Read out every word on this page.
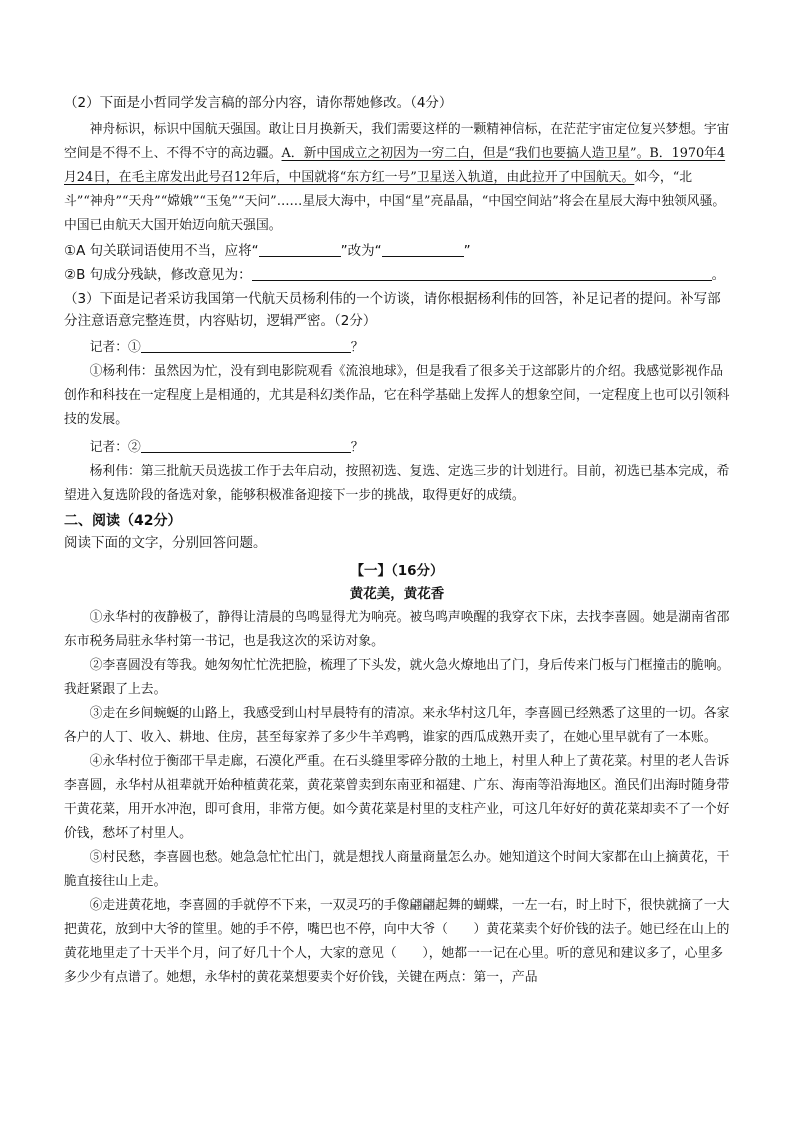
（2）下面是小哲同学发言稿的部分内容，请你帮她修改。（4分）

神舟标识，标识中国航天强国。敢让日月换新天，我们需要这样的一颗精神信标，在茫茫宇宙定位复兴梦想。宇宙空间是不得不上、不得不守的高边疆。A．新中国成立之初因为一穷二白，但是“我们也要搞人造卫星”。B．1970年4月24日，在毛主席发出此号召12年后，中国就将“东方红一号”卫星送入轨道，由此拉开了中国航天。如今，“北斗”“神舟”“天舟”“嫦娥”“玉兔”“天问”……星辰大海中，中国“星”亮晶晶，“中国空间站”将会在星辰大海中独领风骚。中国已由航天大国开始迈向航天强国。

①A 句关联词语使用不当，应将“	”改为“	”

②B 句成分残缺，修改意见为：	。

（3）下面是记者采访我国第一代航天员杨利伟的一个访谈，请你根据杨利伟的回答，补足记者的提问。补写部分注意语意完整连贯，内容贴切，逻辑严密。（2分）

记者：①	？

①杨利伟：虽然因为忙，没有到电影院观看《流浪地球》，但是我看了很多关于这部影片的介绍。我感觉影视作品创作和科技在一定程度上是相通的，尤其是科幻类作品，它在科学基础上发挥人的想象空间，一定程度上也可以引领科技的发展。

记者：②	？

杨利伟：第三批航天员选拔工作于去年启动，按照初选、复选、定选三步的计划进行。目前，初选已基本完成，希望进入复选阶段的备选对象，能够积极准备迎接下一步的挑战，取得更好的成绩。

二、阅读（42分）

阅读下面的文字，分别回答问题。

【一】（16分）

黄花美，黄花香

①永华村的夜静极了，静得让清晨的鸟鸣显得尤为响亮。被鸟鸣声唤醒的我穿衣下床，去找李喜圆。她是湖南省邵东市税务局驻永华村第一书记，也是我这次的采访对象。

②李喜圆没有等我。她匆匆忙忙洗把脸，梳理了下头发，就火急火燎地出了门，身后传来门板与门框撞击的脆响。我赶紧跟了上去。

③走在乡间蜿蜒的山路上，我感受到山村早晨特有的清凉。来永华村这几年，李喜圆已经熟悉了这里的一切。各家各户的人丁、收入、耕地、住房，甚至每家养了多少牛羊鸡鸭，谁家的西瓜成熟开卖了，在她心里早就有了一本账。

④永华村位于衡邵干旱走廊，石漠化严重。在石头缝里零碎分散的土地上，村里人种上了黄花菜。村里的老人告诉李喜圆，永华村从祖辈就开始种植黄花菜，黄花菜曾卖到东南亚和福建、广东、海南等沿海地区。渔民们出海时随身带干黄花菜，用开水冲泡，即可食用，非常方便。如今黄花菜是村里的支柱产业，可这几年好好的黄花菜却卖不了一个好价钱，愁坏了村里人。

⑤村民愁，李喜圆也愁。她急急忙忙出门，就是想找人商量商量怎么办。她知道这个时间大家都在山上摘黄花，干脆直接往山上走。

⑥走进黄花地，李喜圆的手就停不下来，一双灵巧的手像翩翩起舞的蝴蝶，一左一右，时上时下，很快就摘了一大把黄花，放到中大爷的筐里。她的手不停，嘴巴也不停，向中大爷（　　）黄花菜卖个好价钱的法子。她已经在山上的黄花地里走了十天半个月，问了好几十个人，大家的意见（　　），她都一一记在心里。听的意见和建议多了，心里多多少少有点谱了。她想，永华村的黄花菜想要卖个好价钱，关键在两点：第一，产品
